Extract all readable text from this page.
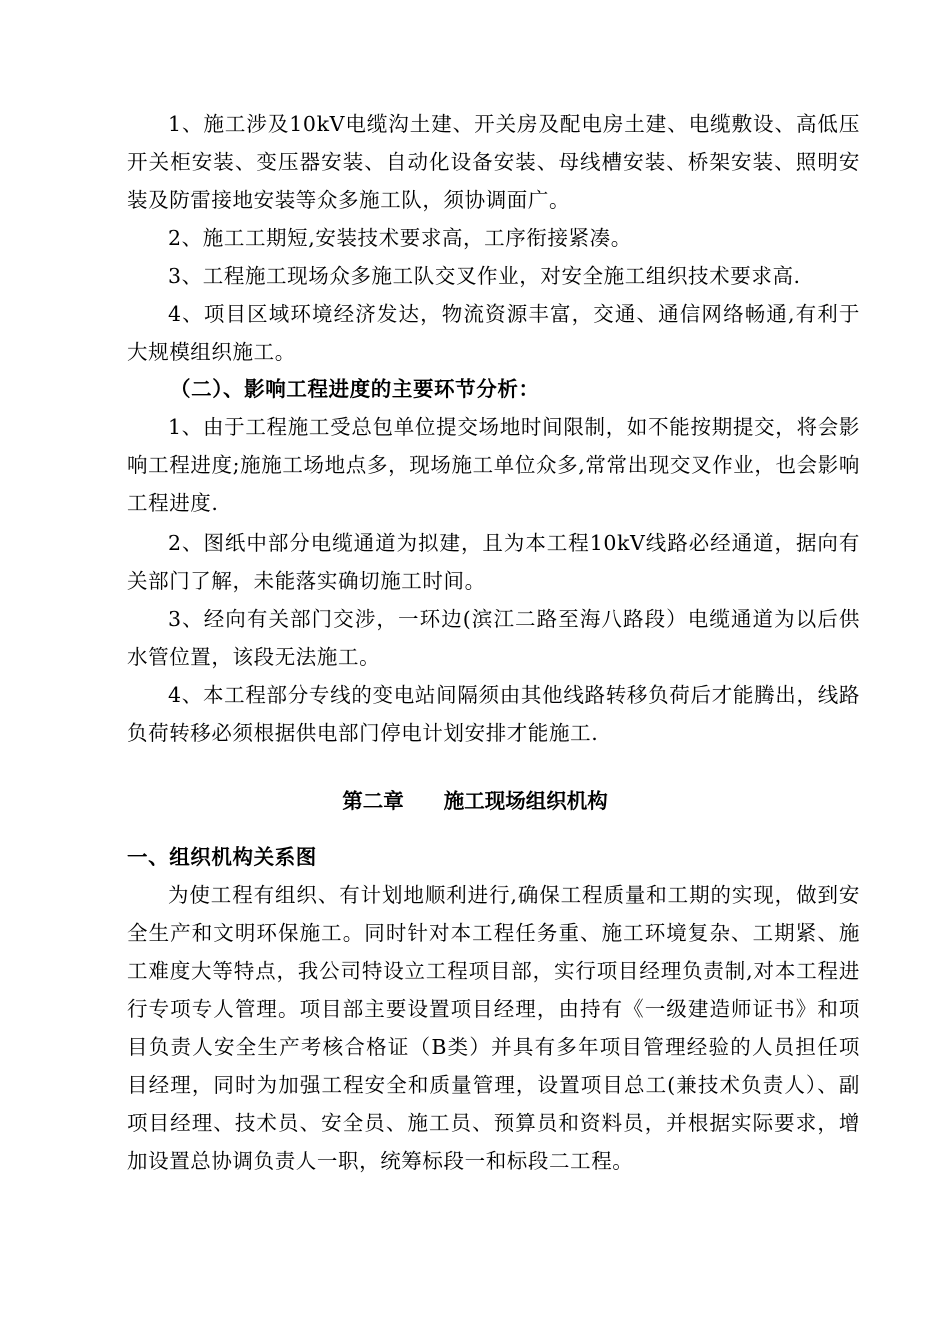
1、施工涉及10kV电缆沟土建、开关房及配电房土建、电缆敷设、高低压开关柜安装、变压器安装、自动化设备安装、母线槽安装、桥架安装、照明安装及防雷接地安装等众多施工队，须协调面广。

2、施工工期短,安装技术要求高，工序衔接紧凑。

3、工程施工现场众多施工队交叉作业，对安全施工组织技术要求高.

4、项目区域环境经济发达，物流资源丰富，交通、通信网络畅通,有利于大规模组织施工。

（二）、影响工程进度的主要环节分析：

1、由于工程施工受总包单位提交场地时间限制，如不能按期提交，将会影响工程进度;施施工场地点多，现场施工单位众多,常常出现交叉作业，也会影响工程进度.

2、图纸中部分电缆通道为拟建，且为本工程10kV线路必经通道，据向有关部门了解，未能落实确切施工时间。

3、经向有关部门交涉，一环边(滨江二路至海八路段）电缆通道为以后供水管位置，该段无法施工。

4、本工程部分专线的变电站间隔须由其他线路转移负荷后才能腾出，线路负荷转移必须根据供电部门停电计划安排才能施工.

第二章 施工现场组织机构

一、组织机构关系图

为使工程有组织、有计划地顺利进行,确保工程质量和工期的实现，做到安全生产和文明环保施工。同时针对本工程任务重、施工环境复杂、工期紧、施工难度大等特点，我公司特设立工程项目部，实行项目经理负责制,对本工程进行专项专人管理。项目部主要设置项目经理，由持有《一级建造师证书》和项目负责人安全生产考核合格证（B类）并具有多年项目管理经验的人员担任项目经理，同时为加强工程安全和质量管理，设置项目总工(兼技术负责人）、副项目经理、技术员、安全员、施工员、预算员和资料员，并根据实际要求，增加设置总协调负责人一职，统筹标段一和标段二工程。
